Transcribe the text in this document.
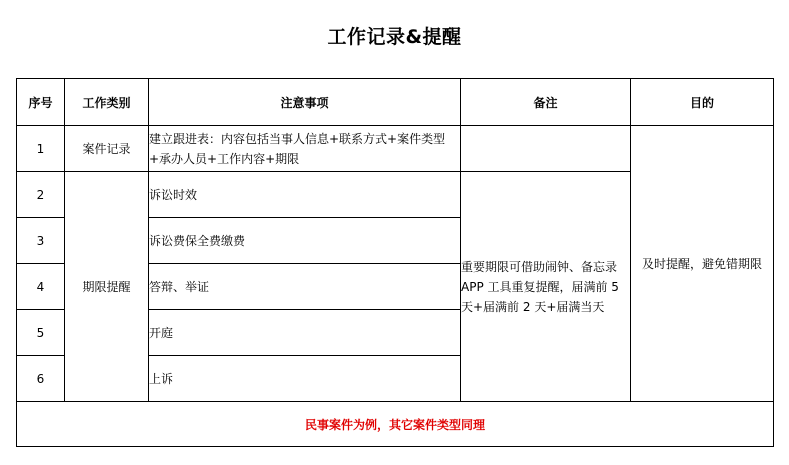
工作记录&提醒
序号	工作类别	注意事项	备注	目的
1	案件记录	建立跟进表：内容包括当事人信息+联系方式+案件类型+承办人员+工作内容+期限		及时提醒，避免错期限
2	期限提醒	诉讼时效	重要期限可借助闹钟、备忘录 APP 工具重复提醒，届满前 5 天+届满前 2 天+届满当天	
3		诉讼费保全费缴费		
4		答辩、举证		
5		开庭		
6		上诉		
民事案件为例，其它案件类型同理				
